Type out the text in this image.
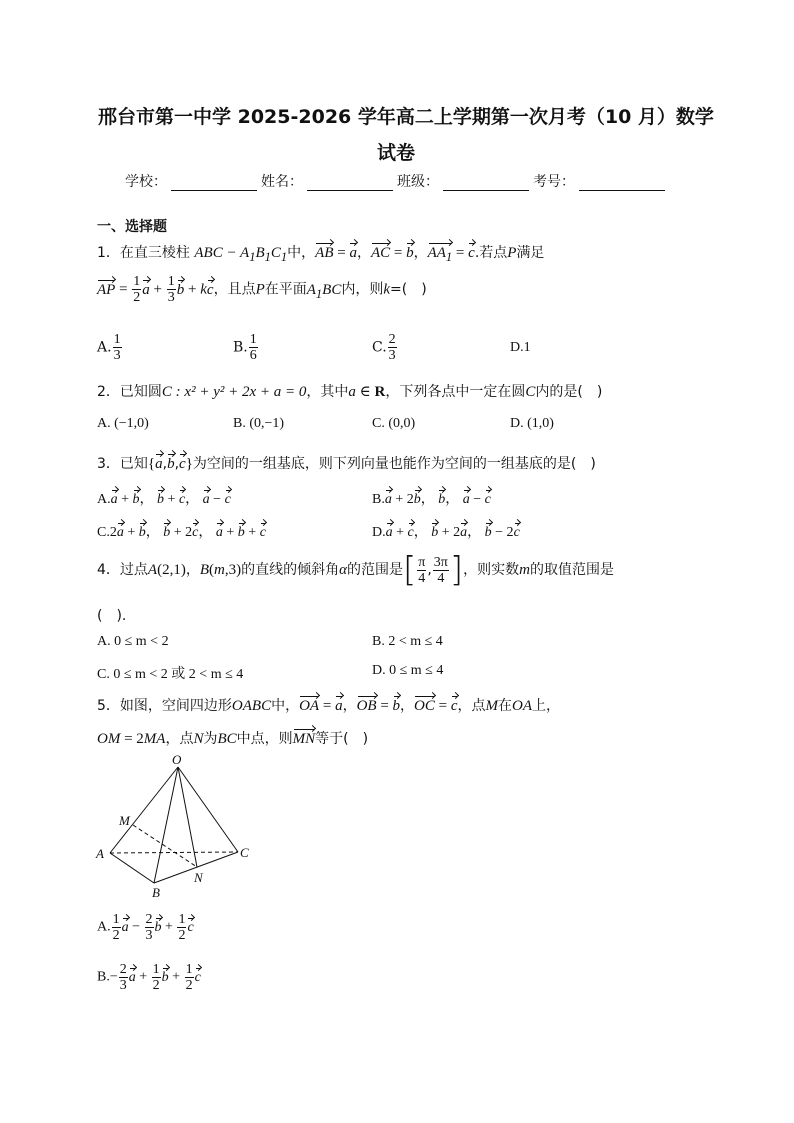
邢台市第一中学 2025-2026 学年高二上学期第一次月考（10 月）数学
试卷
学校：	姓名：	班级：	考号：
一、选择题
1．在直三棱柱 ABC − $A_1B_1C_1$中，AB = a，AC = b，$AA_1 = c$.若点P满足
AP = $\frac{1}{2}$ $a + \frac{1}{3}$ b + kc，且点P在平面$A_1BC$内，则k=(　)
A. $\frac{1}{3}$	B. $\frac{1}{6}$	C. $\frac{2}{3}$	D.1
2．已知圆C : x² + y² + 2x + a = 0，其中a ∈ R，下列各点中一定在圆C内的是(　)
A. (−1,0)	B. (0,−1)	C. (0,0)	D. (1,0)
3．已知{a,b,c}为空间的一组基底，则下列向量也能作为空间的一组基底的是(　)
A.a + b， b + c， a − c	B.a + 2b， b， a − c
C.2a + b， b + 2c， a + b + c	D.a + c， b + 2a， b − 2c
4．过点A(2,1)，B(m,3)的直线的倾斜角α的范围是[ $\frac{\pi}{4}$ , $\frac{3\pi}{4}$ ]，则实数m的取值范围是
(　).
A. 0 ≤ m < 2	B. 2 < m ≤ 4
C. 0 ≤ m < 2 或 2 < m ≤ 4	D. 0 ≤ m ≤ 4
5．如图，空间四边形OABC中，OA = a，OB = b，OC = c，点M在OA上，
OM = 2MA，点N为BC中点，则MN等于(　)
O
M
A	C
N
B
A. $\frac{1}{2}$ $a - \frac{2}{3}$ $b + \frac{1}{2}$ c
$B.- \frac{2}{3}$ $a + \frac{1}{2}$ $b + \frac{1}{2}$ c
